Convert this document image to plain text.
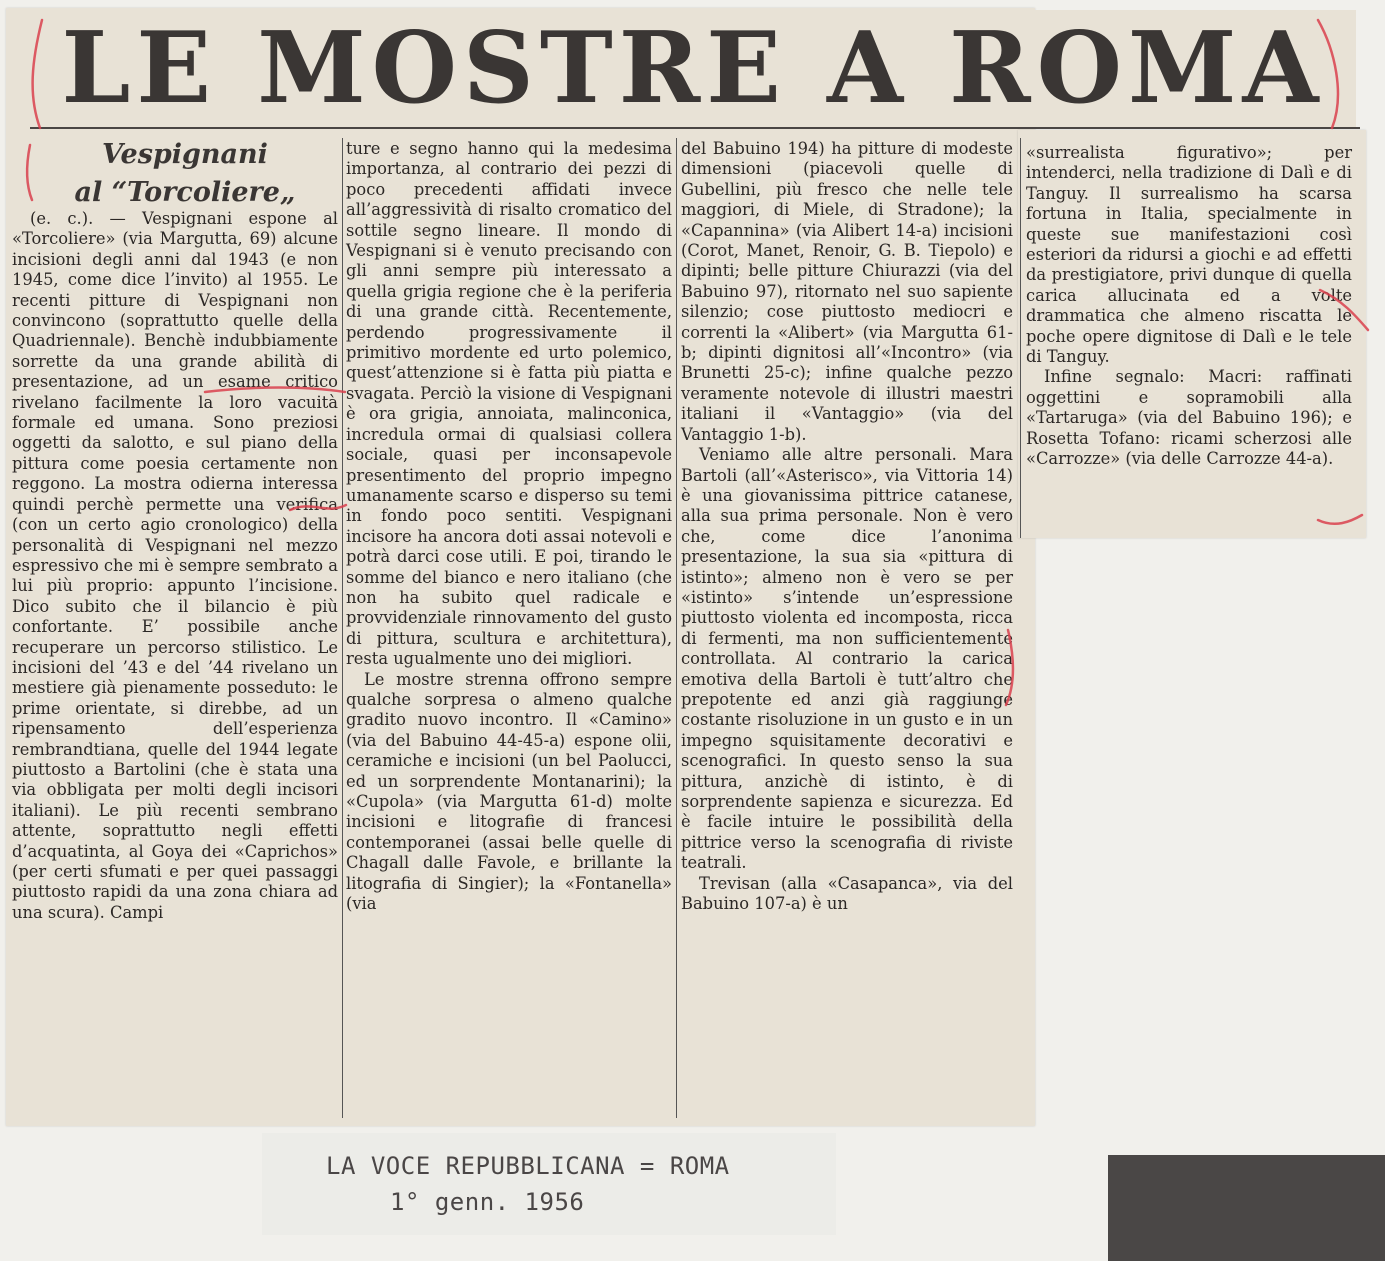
LE MOSTRE A ROMA
Vespignani
al “Torcoliere„

(e. c.). — Vespignani espone al «Torcoliere» (via Margutta, 69) alcune incisioni degli anni dal 1943 (e non 1945, come dice l’invito) al 1955. Le recenti pitture di Vespignani non convincono (soprattutto quelle della Quadriennale). Benchè indubbiamente sorrette da una grande abilità di presentazione, ad un esame critico rivelano facilmente la loro vacuità formale ed umana. Sono preziosi oggetti da salotto, e sul piano della pittura come poesia certamente non reggono. La mostra odierna interessa quindi perchè permette una verifica (con un certo agio cronologico) della personalità di Vespignani nel mezzo espressivo che mi è sempre sembrato a lui più proprio: appunto l’incisione. Dico subito che il bilancio è più confortante. E’ possibile anche recuperare un percorso stilistico. Le incisioni del ’43 e del ’44 rivelano un mestiere già pienamente posseduto: le prime orientate, si direbbe, ad un ripensamento dell’esperienza rembrandtiana, quelle del 1944 legate piuttosto a Bartolini (che è stata una via obbligata per molti degli incisori italiani). Le più recenti sembrano attente, soprattutto negli effetti d’acquatinta, al Goya dei «Caprichos» (per certi sfumati e per quei passaggi piuttosto rapidi da una zona chiara ad una scura). Campi

ture e segno hanno qui la medesima importanza, al contrario dei pezzi di poco precedenti affidati invece all’aggressività di risalto cromatico del sottile segno lineare. Il mondo di Vespignani si è venuto precisando con gli anni sempre più interessato a quella grigia regione che è la periferia di una grande città. Recentemente, perdendo progressivamente il primitivo mordente ed urto polemico, quest’attenzione si è fatta più piatta e svagata. Perciò la visione di Vespignani è ora grigia, annoiata, malinconica, incredula ormai di qualsiasi collera sociale, quasi per inconsapevole presentimento del proprio impegno umanamente scarso e disperso su temi in fondo poco sentiti. Vespignani incisore ha ancora doti assai notevoli e potrà darci cose utili. E poi, tirando le somme del bianco e nero italiano (che non ha subito quel radicale e provvidenziale rinnovamento del gusto di pittura, scultura e architettura), resta ugualmente uno dei migliori.

Le mostre strenna offrono sempre qualche sorpresa o almeno qualche gradito nuovo incontro. Il «Camino» (via del Babuino 44-45-a) espone olii, ceramiche e incisioni (un bel Paolucci, ed un sorprendente Montanarini); la «Cupola» (via Margutta 61-d) molte incisioni e litografie di francesi contemporanei (assai belle quelle di Chagall dalle Favole, e brillante la litografia di Singier); la «Fontanella» (via

del Babuino 194) ha pitture di modeste dimensioni (piacevoli quelle di Gubellini, più fresco che nelle tele maggiori, di Miele, di Stradone); la «Capannina» (via Alibert 14-a) incisioni (Corot, Manet, Renoir, G. B. Tiepolo) e dipinti; belle pitture Chiurazzi (via del Babuino 97), ritornato nel suo sapiente silenzio; cose piuttosto mediocri e correnti la «Alibert» (via Margutta 61-b; dipinti dignitosi all’«Incontro» (via Brunetti 25-c); infine qualche pezzo veramente notevole di illustri maestri italiani il «Vantaggio» (via del Vantaggio 1-b).

Veniamo alle altre personali. Mara Bartoli (all’«Asterisco», via Vittoria 14) è una giovanissima pittrice catanese, alla sua prima personale. Non è vero che, come dice l’anonima presentazione, la sua sia «pittura di istinto»; almeno non è vero se per «istinto» s’intende un’espressione piuttosto violenta ed incomposta, ricca di fermenti, ma non sufficientemente controllata. Al contrario la carica emotiva della Bartoli è tutt’altro che prepotente ed anzi già raggiunge costante risoluzione in un gusto e in un impegno squisitamente decorativi e scenografici. In questo senso la sua pittura, anzichè di istinto, è di sorprendente sapienza e sicurezza. Ed è facile intuire le possibilità della pittrice verso la scenografia di riviste teatrali.

Trevisan (alla «Casapanca», via del Babuino 107-a) è un

«surrealista figurativo»; per intenderci, nella tradizione di Dalì e di Tanguy. Il surrealismo ha scarsa fortuna in Italia, specialmente in queste sue manifestazioni così esteriori da ridursi a giochi e ad effetti da prestigiatore, privi dunque di quella carica allucinata ed a volte drammatica che almeno riscatta le poche opere dignitose di Dalì e le tele di Tanguy.

Infine segnalo: Macri: raffinati oggettini e sopramobili alla «Tartaruga» (via del Babuino 196); e Rosetta Tofano: ricami scherzosi alle «Carrozze» (via delle Carrozze 44-a).

LA VOCE REPUBBLICANA = ROMA
1° genn. 1956
